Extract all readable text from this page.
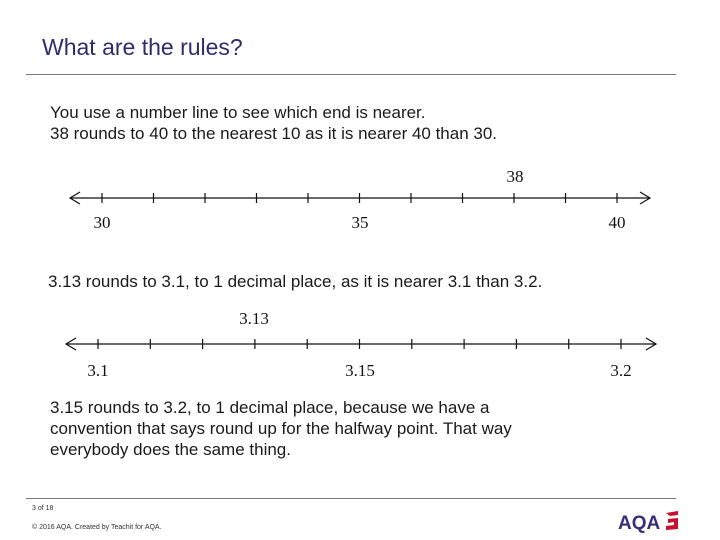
What are the rules?
You use a number line to see which end is nearer.
38 rounds to 40 to the nearest 10 as it is nearer 40 than 30.
38
30	35	40
3.13 rounds to 3.1, to 1 decimal place, as it is nearer 3.1 than 3.2.
3.13
3.1	3.15	3.2
3.15 rounds to 3.2, to 1 decimal place, because we have a
convention that says round up for the halfway point. That way
everybody does the same thing.
3 of 18
© 2016 AQA. Created by Teachit for AQA.	AQA
